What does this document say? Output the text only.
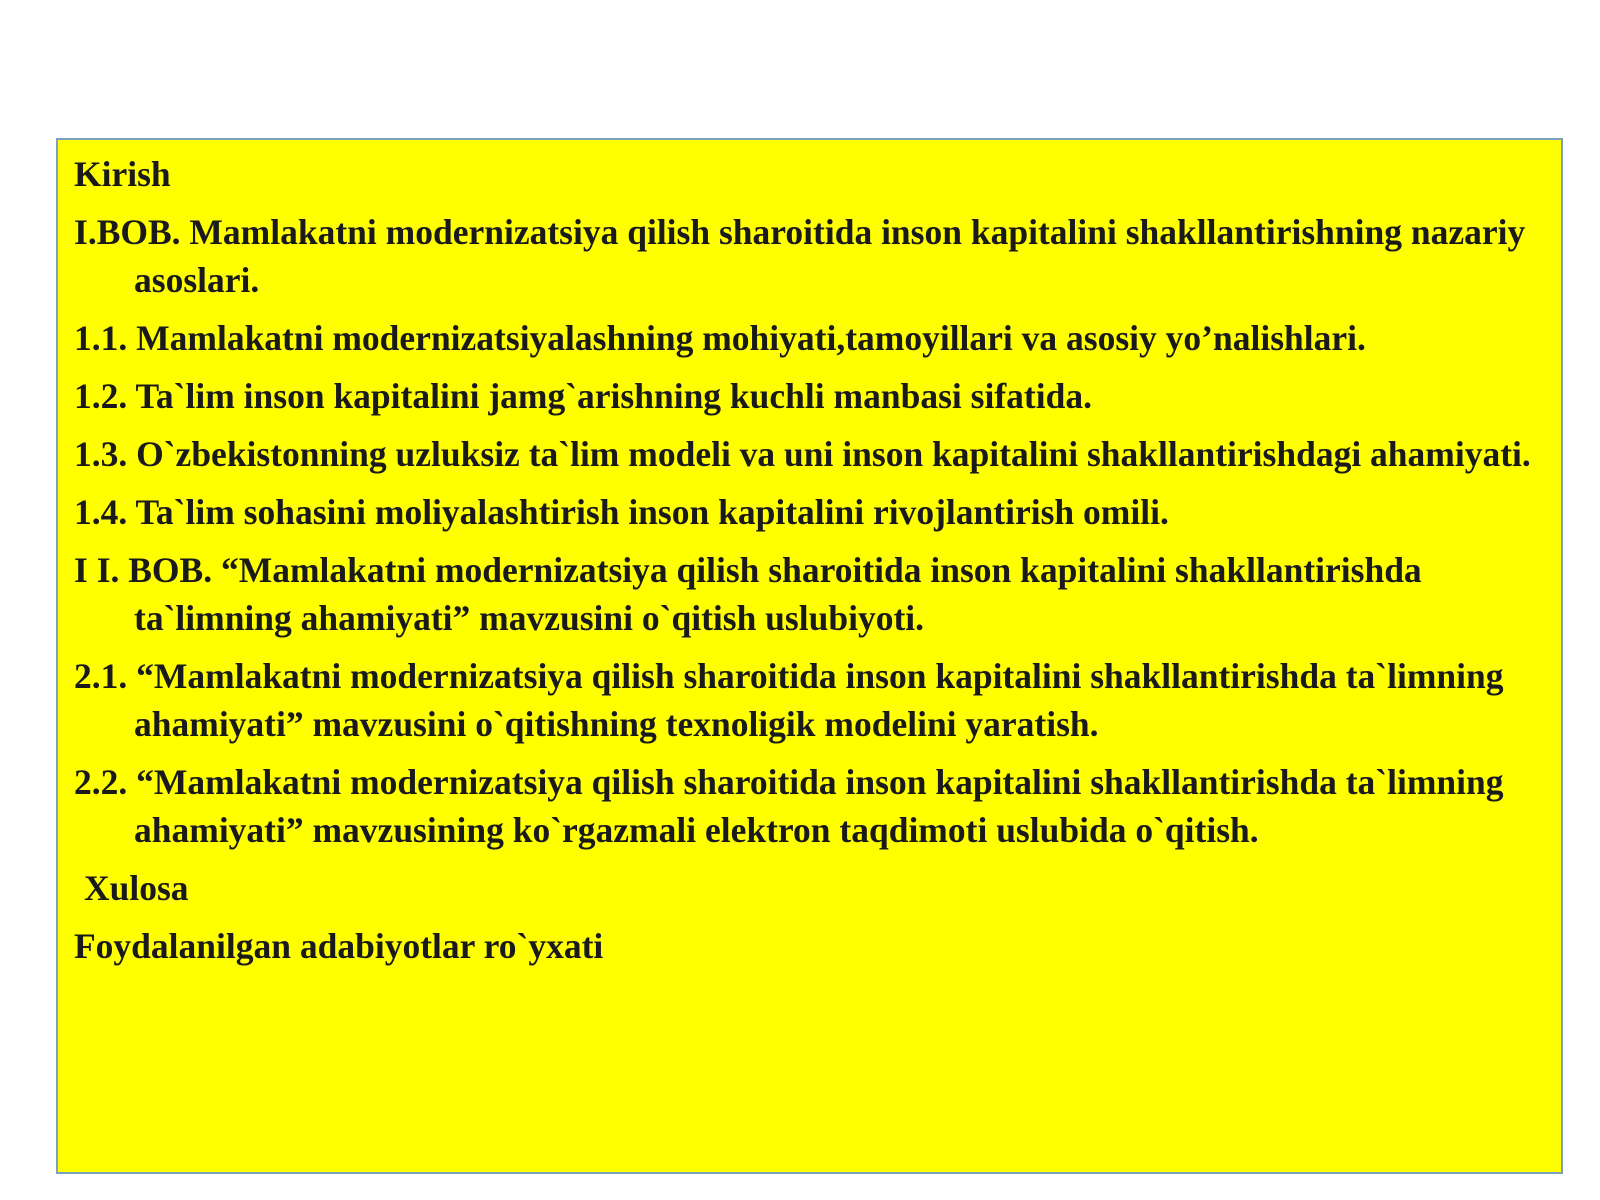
Kirish
I.BOB. Mamlakatni modernizatsiya qilish sharoitida inson kapitalini shakllantirishning nazariy asoslari.
1.1. Mamlakatni modernizatsiyalashning mohiyati,tamoyillari va asosiy yo’nalishlari.
1.2. Ta`lim inson kapitalini jamg`arishning kuchli manbasi sifatida.
1.3. O`zbekistonning uzluksiz ta`lim modeli va uni inson kapitalini shakllantirishdagi ahamiyati.
1.4. Ta`lim sohasini moliyalashtirish inson kapitalini rivojlantirish omili.
I I. BOB. “Mamlakatni modernizatsiya qilish sharoitida inson kapitalini shakllantirishda ta`limning ahamiyati” mavzusini o`qitish uslubiyoti.
2.1. “Mamlakatni modernizatsiya qilish sharoitida inson kapitalini shakllantirishda ta`limning ahamiyati” mavzusini o`qitishning texnoligik modelini yaratish.
2.2. “Mamlakatni modernizatsiya qilish sharoitida inson kapitalini shakllantirishda ta`limning ahamiyati” mavzusining ko`rgazmali elektron taqdimoti uslubida o`qitish.
Xulosa
Foydalanilgan adabiyotlar ro`yxati
